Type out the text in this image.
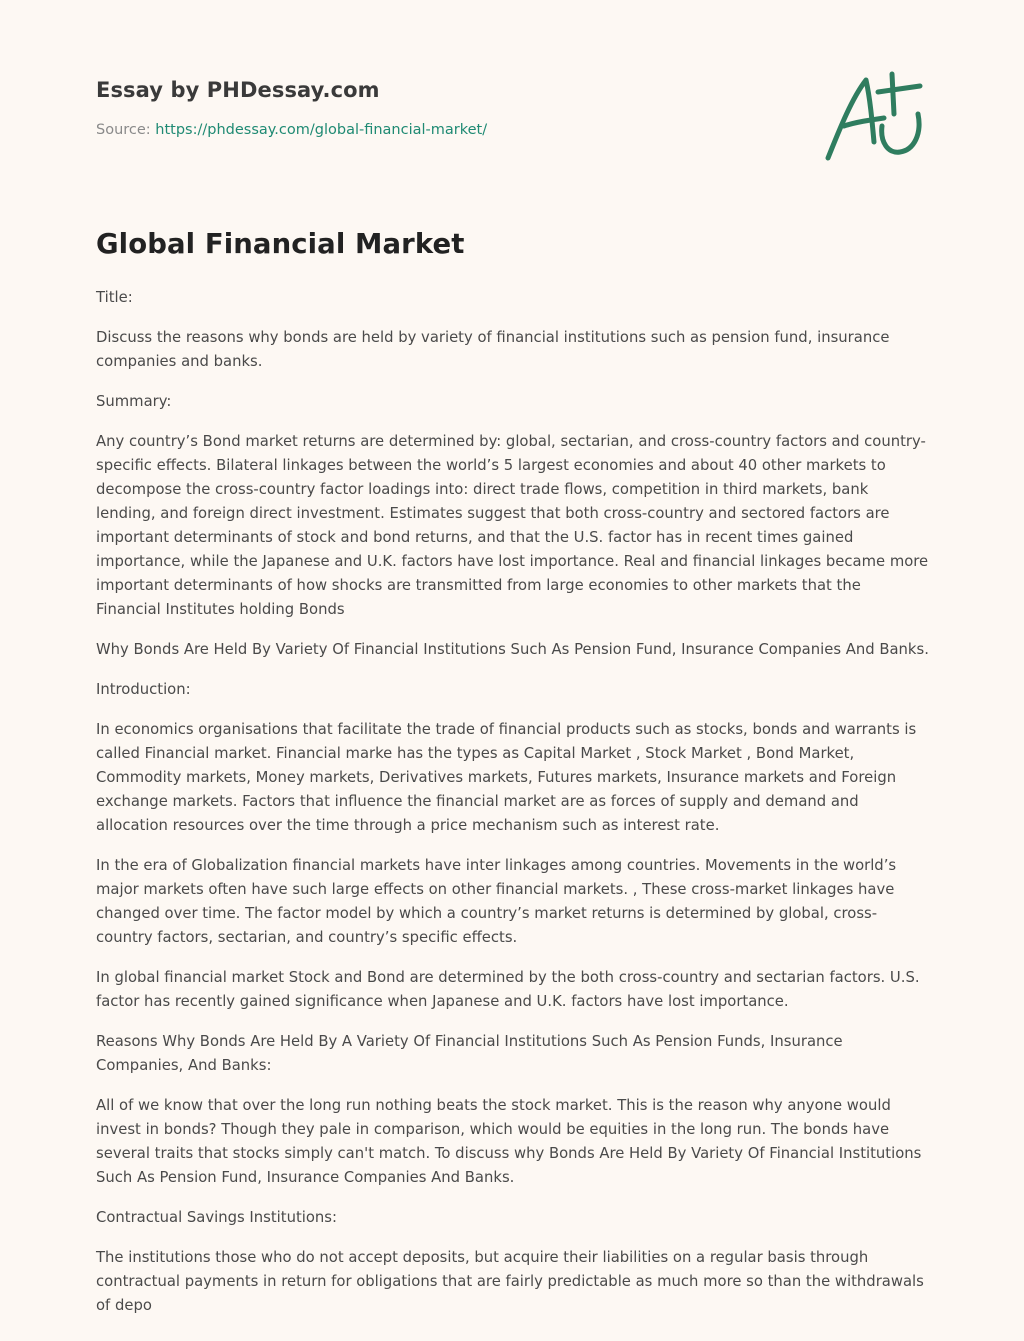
Essay by PHDessay.com
Source: https://phdessay.com/global-financial-market/
Global Financial Market

Title:

Discuss the reasons why bonds are held by variety of financial institutions such as pension fund, insurance companies and banks.

Summary:

Any country’s Bond market returns are determined by: global, sectarian, and cross-country factors and country-specific effects. Bilateral linkages between the world’s 5 largest economies and about 40 other markets to decompose the cross-country factor loadings into: direct trade flows, competition in third markets, bank lending, and foreign direct investment. Estimates suggest that both cross-country and sectored factors are important determinants of stock and bond returns, and that the U.S. factor has in recent times gained importance, while the Japanese and U.K. factors have lost importance. Real and financial linkages became more important determinants of how shocks are transmitted from large economies to other markets that the Financial Institutes holding Bonds

Why Bonds Are Held By Variety Of Financial Institutions Such As Pension Fund, Insurance Companies And Banks.

Introduction:

In economics organisations that facilitate the trade of financial products such as stocks, bonds and warrants is called Financial market. Financial marke has the types as Capital Market , Stock Market , Bond Market, Commodity markets, Money markets, Derivatives markets, Futures markets, Insurance markets and Foreign exchange markets. Factors that influence the financial market are as forces of supply and demand and allocation resources over the time through a price mechanism such as interest rate.

In the era of Globalization financial markets have inter linkages among countries. Movements in the world’s major markets often have such large effects on other financial markets. , These cross-market linkages have changed over time. The factor model by which a country’s market returns is determined by global, cross-country factors, sectarian, and country’s specific effects.

In global financial market Stock and Bond are determined by the both cross-country and sectarian factors. U.S. factor has recently gained significance when Japanese and U.K. factors have lost importance.

Reasons Why Bonds Are Held By A Variety Of Financial Institutions Such As Pension Funds, Insurance Companies, And Banks:

All of we know that over the long run nothing beats the stock market. This is the reason why anyone would invest in bonds? Though they pale in comparison, which would be equities in the long run. The bonds have several traits that stocks simply can't match. To discuss why Bonds Are Held By Variety Of Financial Institutions Such As Pension Fund, Insurance Companies And Banks.

Contractual Savings Institutions:

The institutions those who do not accept deposits, but acquire their liabilities on a regular basis through contractual payments in return for obligations that are fairly predictable as much more so than the withdrawals of depo
